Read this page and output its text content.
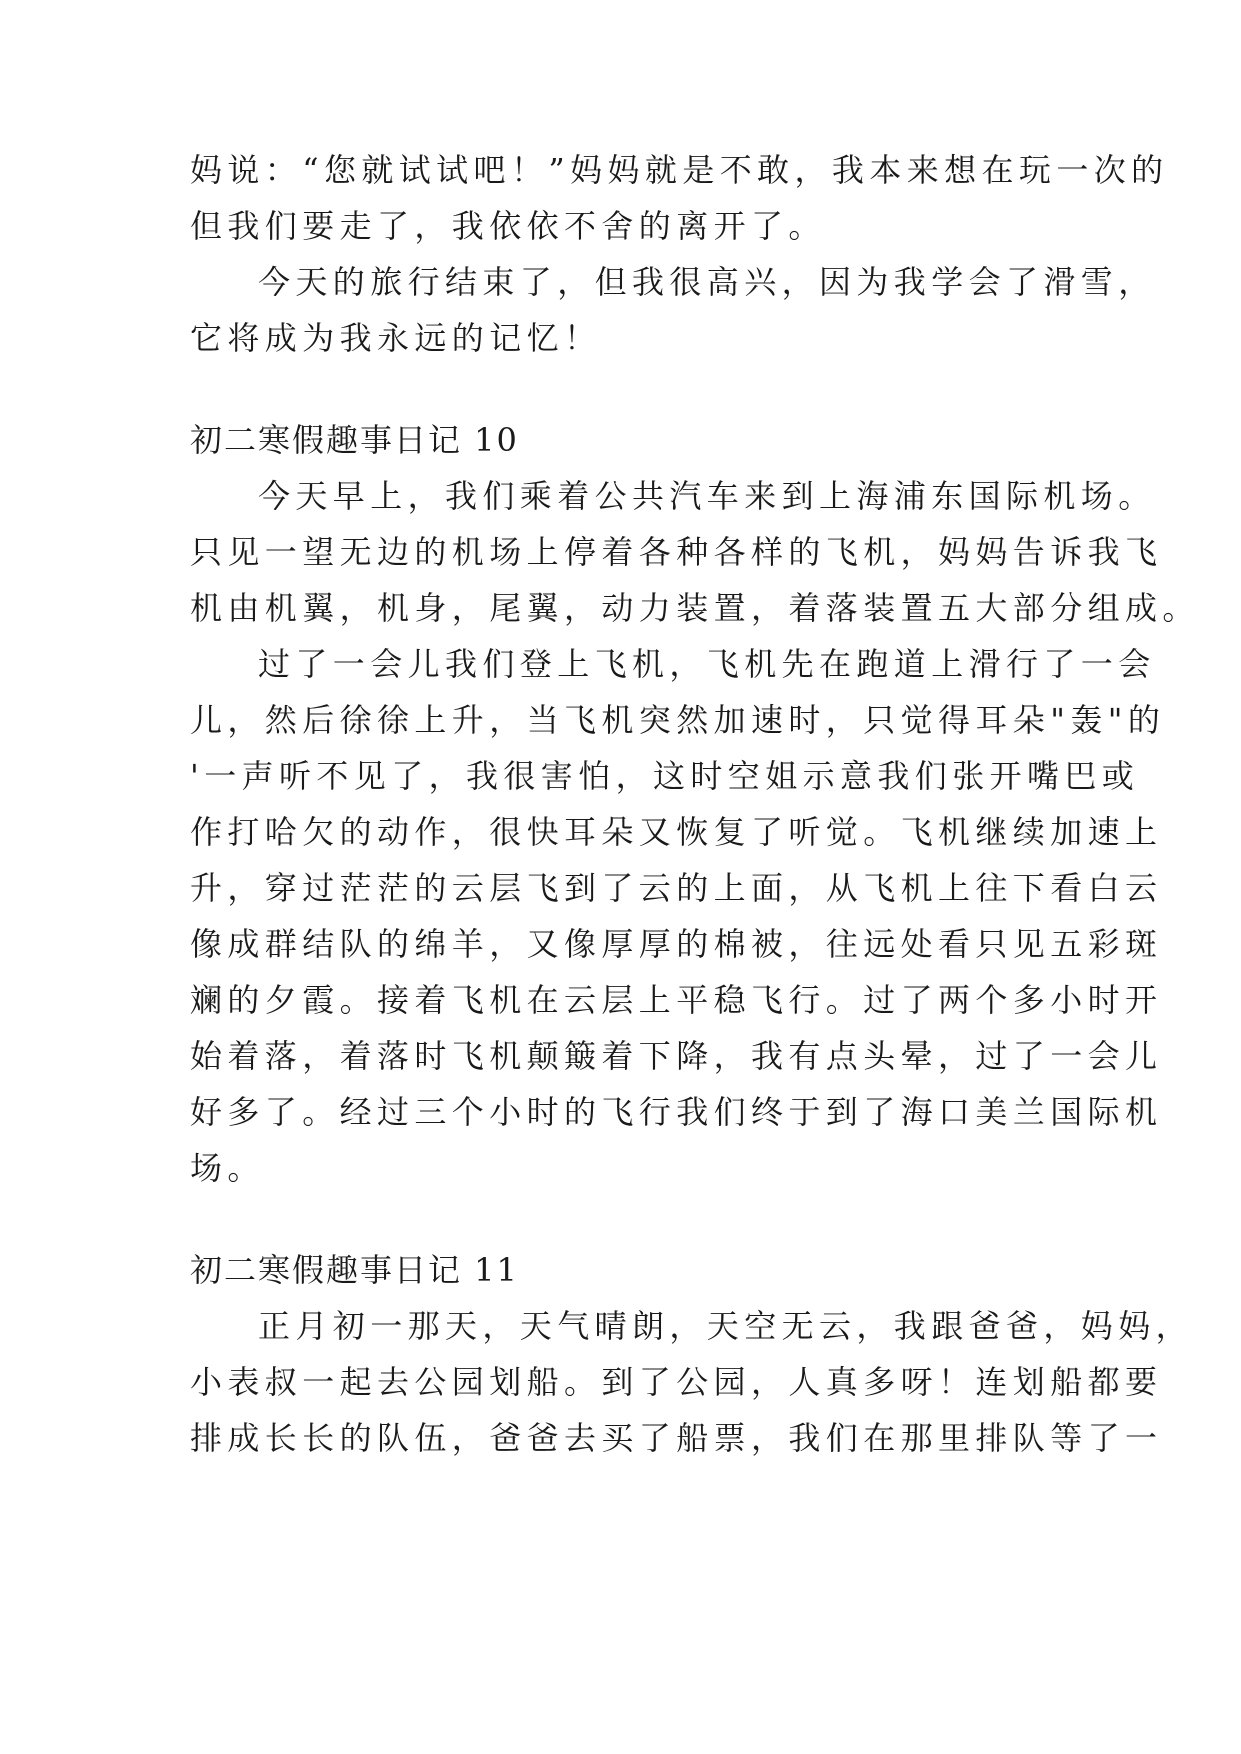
妈说：“您就试试吧！”妈妈就是不敢，我本来想在玩一次的
但我们要走了，我依依不舍的离开了。
今天的旅行结束了，但我很高兴，因为我学会了滑雪，
它将成为我永远的记忆！
初二寒假趣事日记 10
今天早上，我们乘着公共汽车来到上海浦东国际机场。
只见一望无边的机场上停着各种各样的飞机，妈妈告诉我飞
机由机翼，机身，尾翼，动力装置，着落装置五大部分组成。
过了一会儿我们登上飞机，飞机先在跑道上滑行了一会
儿，然后徐徐上升，当飞机突然加速时，只觉得耳朵"轰"的
'一声听不见了，我很害怕，这时空姐示意我们张开嘴巴或
作打哈欠的动作，很快耳朵又恢复了听觉。飞机继续加速上
升，穿过茫茫的云层飞到了云的上面，从飞机上往下看白云
像成群结队的绵羊，又像厚厚的棉被，往远处看只见五彩斑
斓的夕霞。接着飞机在云层上平稳飞行。过了两个多小时开
始着落，着落时飞机颠簸着下降，我有点头晕，过了一会儿
好多了。经过三个小时的飞行我们终于到了海口美兰国际机
场。
初二寒假趣事日记 11
正月初一那天，天气晴朗，天空无云，我跟爸爸，妈妈，
小表叔一起去公园划船。到了公园，人真多呀！连划船都要
排成长长的队伍，爸爸去买了船票，我们在那里排队等了一
